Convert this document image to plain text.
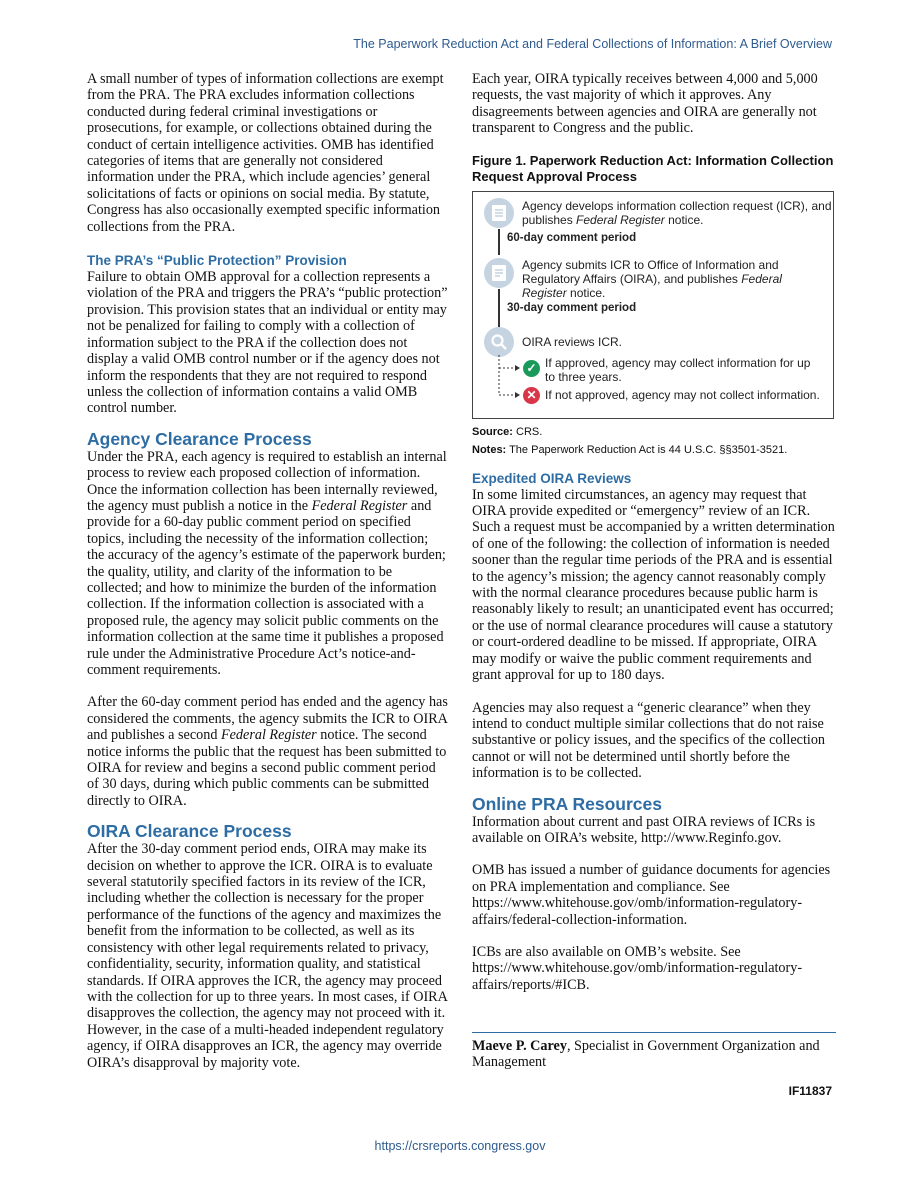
The Paperwork Reduction Act and Federal Collections of Information: A Brief Overview

A small number of types of information collections are exempt from the PRA. The PRA excludes information collections conducted during federal criminal investigations or prosecutions, for example, or collections obtained during the conduct of certain intelligence activities. OMB has identified categories of items that are generally not considered information under the PRA, which include agencies’ general solicitations of facts or opinions on social media. By statute, Congress has also occasionally exempted specific information collections from the PRA.

The PRA’s “Public Protection” Provision

Failure to obtain OMB approval for a collection represents a violation of the PRA and triggers the PRA’s “public protection” provision. This provision states that an individual or entity may not be penalized for failing to comply with a collection of information subject to the PRA if the collection does not display a valid OMB control number or if the agency does not inform the respondents that they are not required to respond unless the collection of information contains a valid OMB control number.

Agency Clearance Process

Under the PRA, each agency is required to establish an internal process to review each proposed collection of information. Once the information collection has been internally reviewed, the agency must publish a notice in the Federal Register and provide for a 60-day public comment period on specified topics, including the necessity of the information collection; the accuracy of the agency’s estimate of the paperwork burden; the quality, utility, and clarity of the information to be collected; and how to minimize the burden of the information collection. If the information collection is associated with a proposed rule, the agency may solicit public comments on the information collection at the same time it publishes a proposed rule under the Administrative Procedure Act’s notice-and-comment requirements.

After the 60-day comment period has ended and the agency has considered the comments, the agency submits the ICR to OIRA and publishes a second Federal Register notice. The second notice informs the public that the request has been submitted to OIRA for review and begins a second public comment period of 30 days, during which public comments can be submitted directly to OIRA.

OIRA Clearance Process

After the 30-day comment period ends, OIRA may make its decision on whether to approve the ICR. OIRA is to evaluate several statutorily specified factors in its review of the ICR, including whether the collection is necessary for the proper performance of the functions of the agency and maximizes the benefit from the information to be collected, as well as its consistency with other legal requirements related to privacy, confidentiality, security, information quality, and statistical standards. If OIRA approves the ICR, the agency may proceed with the collection for up to three years. In most cases, if OIRA disapproves the collection, the agency may not proceed with it. However, in the case of a multi-headed independent regulatory agency, if OIRA disapproves an ICR, the agency may override OIRA’s disapproval by majority vote.

Each year, OIRA typically receives between 4,000 and 5,000 requests, the vast majority of which it approves. Any disagreements between agencies and OIRA are generally not transparent to Congress and the public.

Figure 1. Paperwork Reduction Act: Information Collection Request Approval Process

Agency develops information collection request (ICR), and publishes Federal Register notice.
60-day comment period
Agency submits ICR to Office of Information and Regulatory Affairs (OIRA), and publishes Federal Register notice.
30-day comment period
OIRA reviews ICR.
✓ If approved, agency may collect information for up to three years.
✕ If not approved, agency may not collect information.

Source: CRS.

Notes: The Paperwork Reduction Act is 44 U.S.C. §§3501-3521.

Expedited OIRA Reviews

In some limited circumstances, an agency may request that OIRA provide expedited or “emergency” review of an ICR. Such a request must be accompanied by a written determination of one of the following: the collection of information is needed sooner than the regular time periods of the PRA and is essential to the agency’s mission; the agency cannot reasonably comply with the normal clearance procedures because public harm is reasonably likely to result; an unanticipated event has occurred; or the use of normal clearance procedures will cause a statutory or court-ordered deadline to be missed. If appropriate, OIRA may modify or waive the public comment requirements and grant approval for up to 180 days.

Agencies may also request a “generic clearance” when they intend to conduct multiple similar collections that do not raise substantive or policy issues, and the specifics of the collection cannot or will not be determined until shortly before the information is to be collected.

Online PRA Resources

Information about current and past OIRA reviews of ICRs is available on OIRA’s website, http://www.Reginfo.gov.

OMB has issued a number of guidance documents for agencies on PRA implementation and compliance. See https://www.whitehouse.gov/omb/information-regulatory-affairs/federal-collection-information.

ICBs are also available on OMB’s website. See https://www.whitehouse.gov/omb/information-regulatory-affairs/reports/#ICB.

Maeve P. Carey, Specialist in Government Organization and Management

IF11837
https://crsreports.congress.gov
